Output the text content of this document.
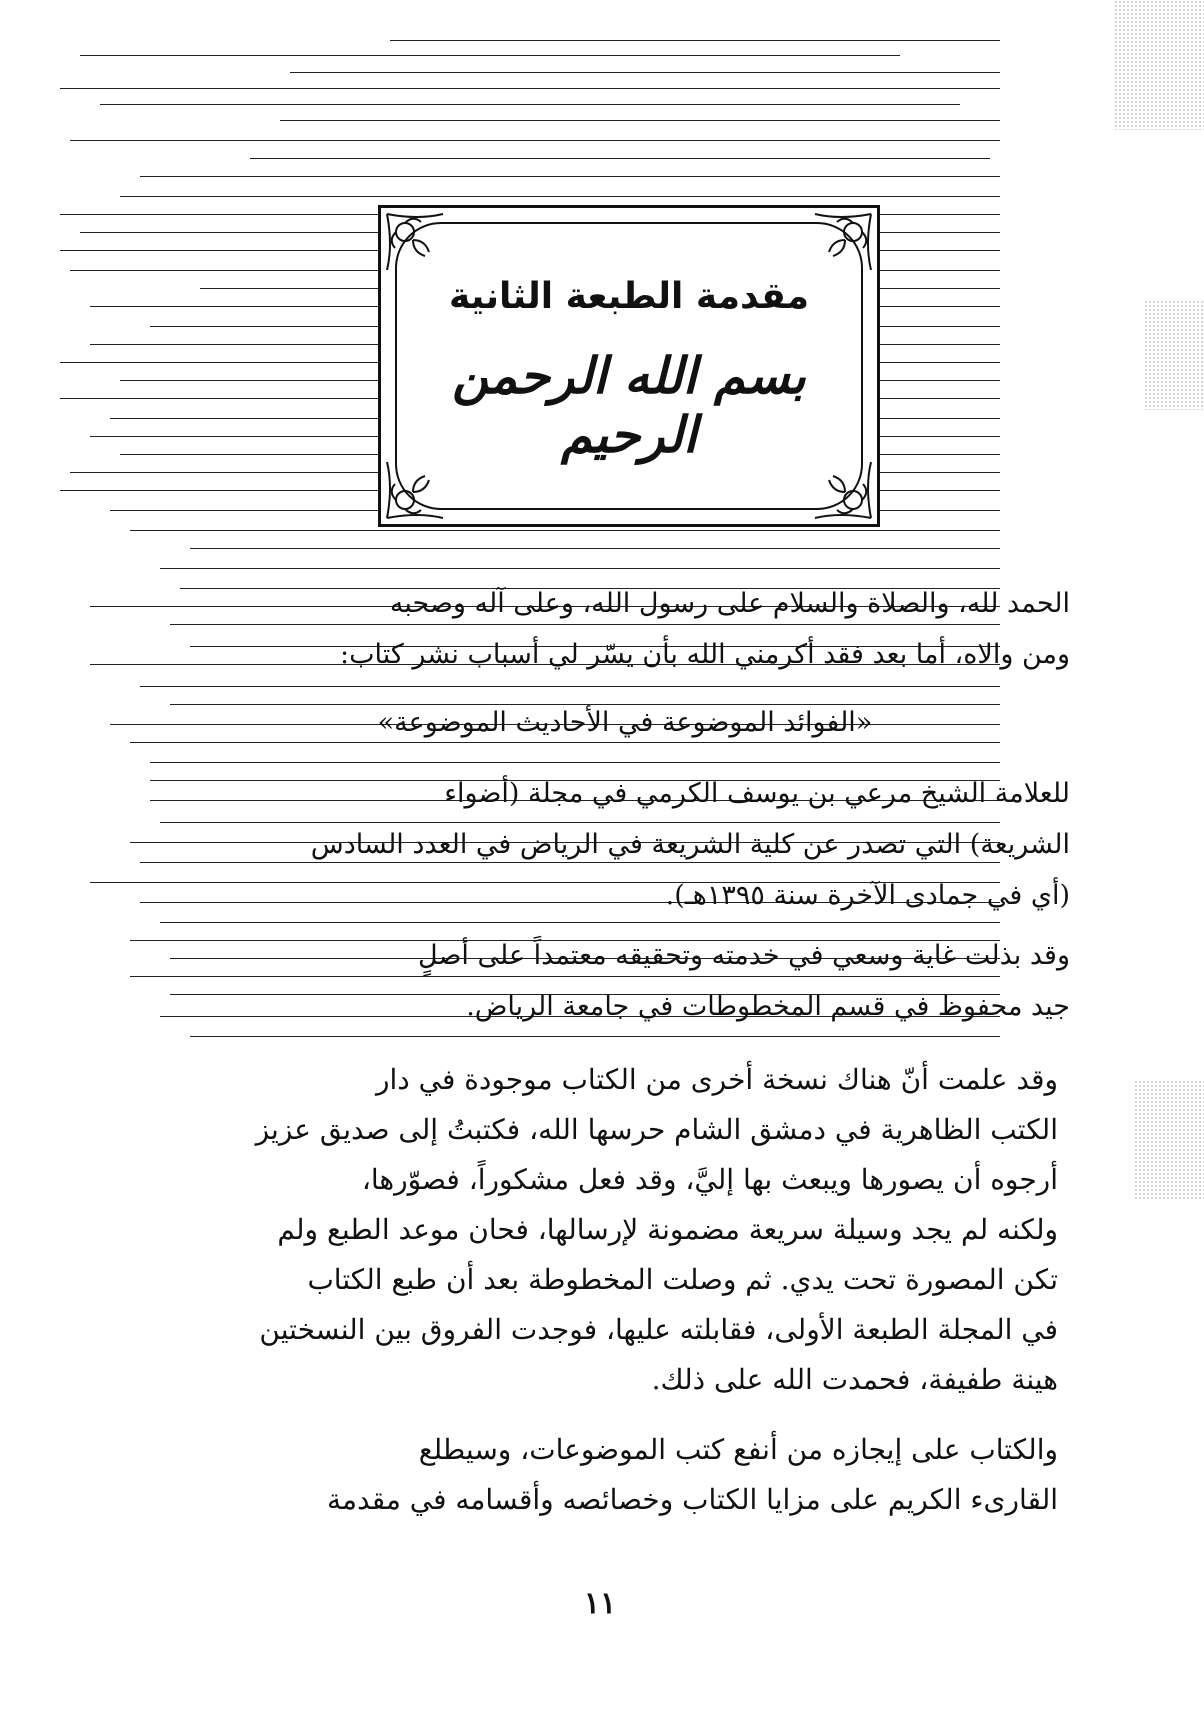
مقدمة الطبعة الثانية
بسم الله الرحمن الرحيم
الحمد لله، والصلاة والسلام على رسول الله، وعلى آله وصحبه
ومن والاه، أما بعد فقد أكرمني الله بأن يسّر لي أسباب نشر كتاب:
«الفوائد الموضوعة في الأحاديث الموضوعة»
للعلامة الشيخ مرعي بن يوسف الكرمي في مجلة (أضواء
الشريعة) التي تصدر عن كلية الشريعة في الرياض في العدد السادس
(أي في جمادى الآخرة سنة ١٣٩٥هـ).
وقد بذلت غاية وسعي في خدمته وتحقيقه معتمداً على أصلٍ
جيد محفوظ في قسم المخطوطات في جامعة الرياض.
وقد علمت أنّ هناك نسخة أخرى من الكتاب موجودة في دار
الكتب الظاهرية في دمشق الشام حرسها الله، فكتبتُ إلى صديق عزيز
أرجوه أن يصورها ويبعث بها إليَّ، وقد فعل مشكوراً، فصوّرها،
ولكنه لم يجد وسيلة سريعة مضمونة لإرسالها، فحان موعد الطبع ولم
تكن المصورة تحت يدي. ثم وصلت المخطوطة بعد أن طبع الكتاب
في المجلة الطبعة الأولى، فقابلته عليها، فوجدت الفروق بين النسختين
هينة طفيفة، فحمدت الله على ذلك.
والكتاب على إيجازه من أنفع كتب الموضوعات، وسيطلع
القارىء الكريم على مزايا الكتاب وخصائصه وأقسامه في مقدمة
١١
